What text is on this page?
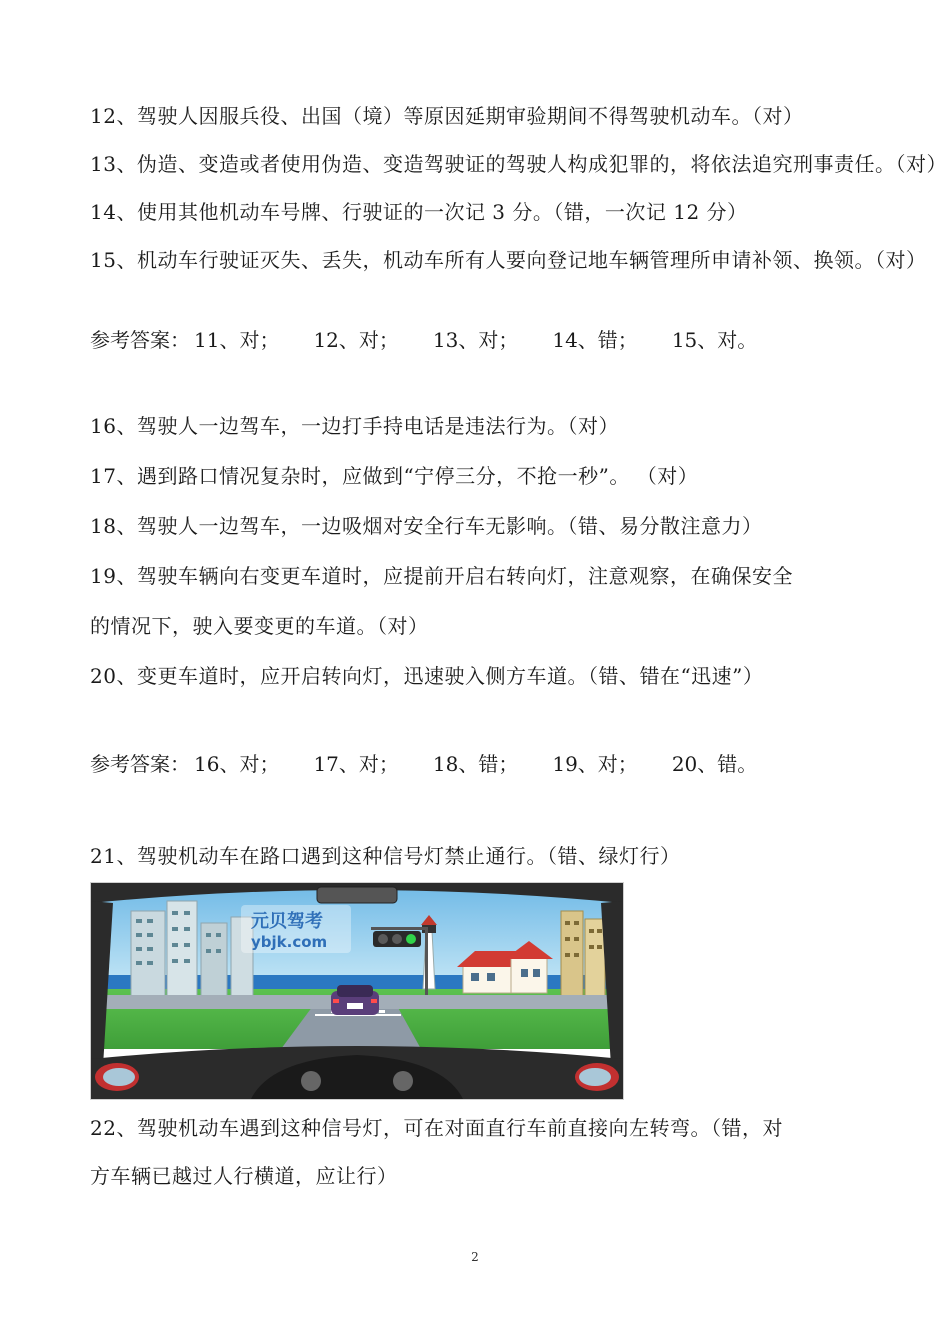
12、驾驶人因服兵役、出国（境）等原因延期审验期间不得驾驶机动车。（对）
13、伪造、变造或者使用伪造、变造驾驶证的驾驶人构成犯罪的，将依法追究刑事责任。（对）
14、使用其他机动车号牌、行驶证的一次记 3 分。（错，一次记 12 分）
15、机动车行驶证灭失、丢失，机动车所有人要向登记地车辆管理所申请补领、换领。（对）
参考答案： 11、对； 12、对； 13、对； 14、错； 15、对。
16、驾驶人一边驾车，一边打手持电话是违法行为。（对）
17、遇到路口情况复杂时，应做到“宁停三分，不抢一秒”。 （对）
18、驾驶人一边驾车，一边吸烟对安全行车无影响。（错、易分散注意力）
19、驾驶车辆向右变更车道时，应提前开启右转向灯，注意观察，在确保安全
的情况下，驶入要变更的车道。（对）
20、变更车道时，应开启转向灯，迅速驶入侧方车道。（错、错在“迅速”）
参考答案： 16、对； 17、对； 18、错； 19、对； 20、错。
21、驾驶机动车在路口遇到这种信号灯禁止通行。（错、绿灯行）
元贝驾考
ybjk.com
22、驾驶机动车遇到这种信号灯，可在对面直行车前直接向左转弯。（错，对
方车辆已越过人行横道，应让行）
2
